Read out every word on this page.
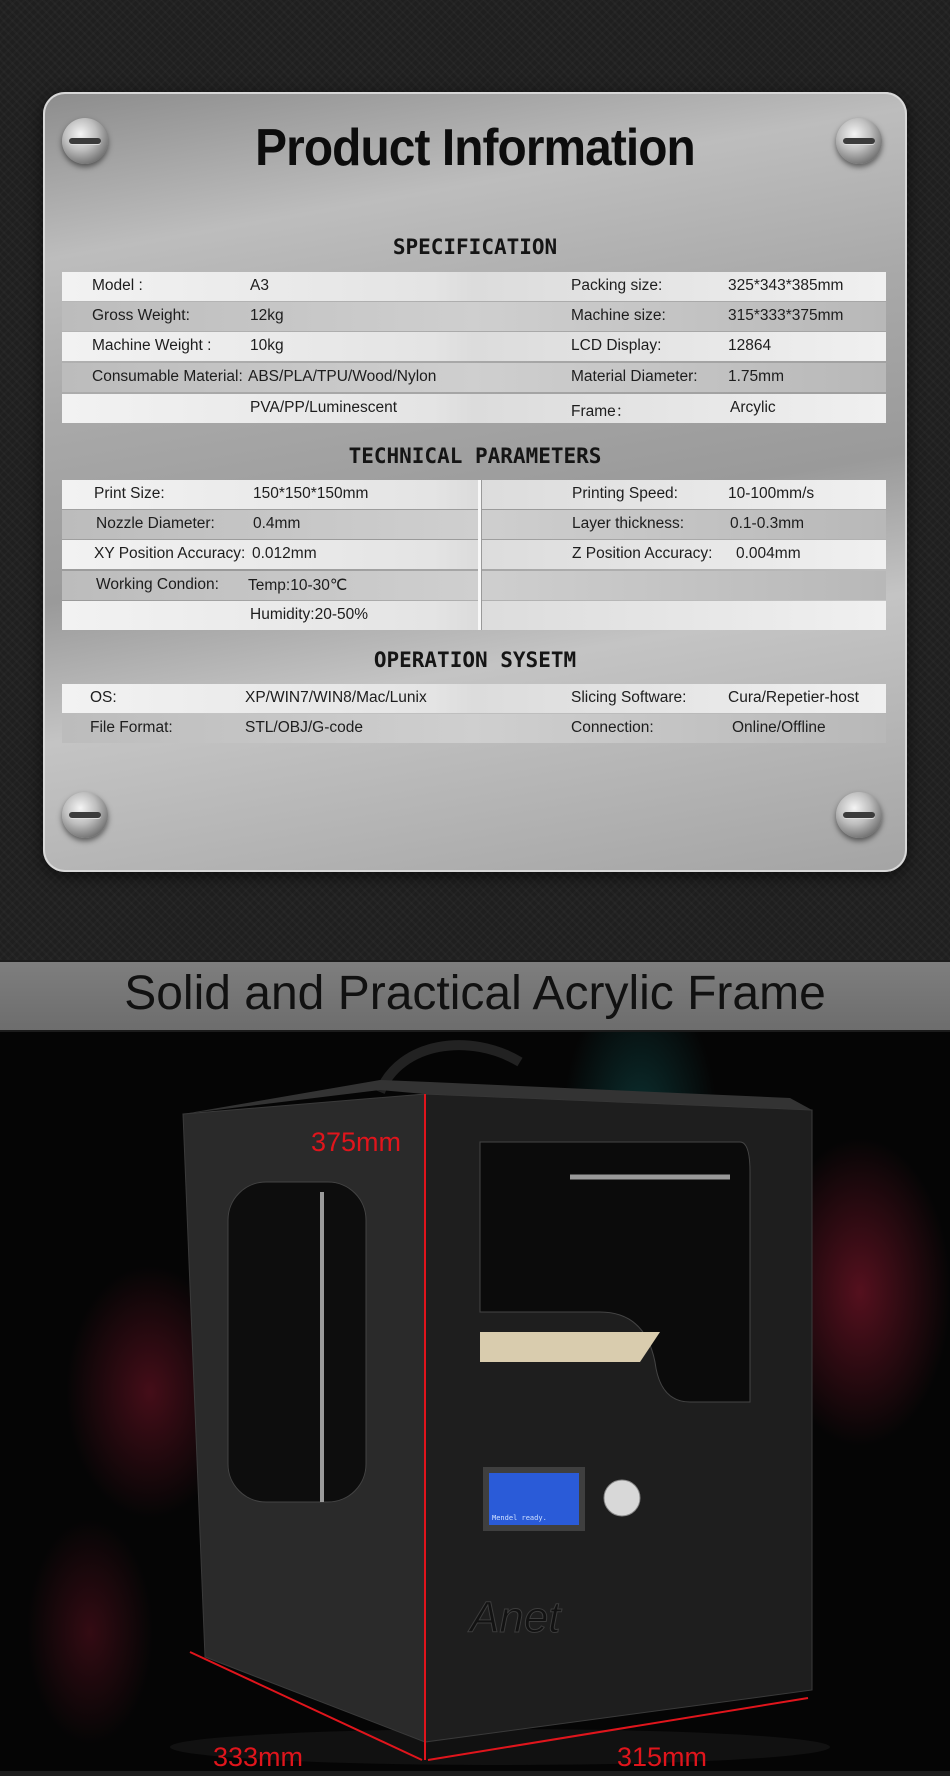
Product Information
SPECIFICATION
Model :	A3	Packing size:	325*343*385mm
Gross Weight:	12kg	Machine size:	315*333*375mm
Machine Weight : 10kg	LCD Display:	12864
Consumable Material: ABS/PLA/TPU/Wood/Nylon	Material Diameter: 1.75mm
PVA/PP/Luminescent	Frame：	Arcylic
TECHNICAL PARAMETERS
Print Size:	150*150*150mm	Printing Speed:	10-100mm/s
Nozzle Diameter: 0.4mm	Layer thickness:	0.1-0.3mm
XY Position Accuracy: 0.012mm	Z Position Accuracy: 0.004mm
Working Condion: Temp:10-30℃
Humidity:20-50%
OPERATION SYSETM
OS:	XP/WIN7/WIN8/Mac/Lunix	Slicing Software:	Cura/Repetier-host
File Format:	STL/OBJ/G-code	Connection:	Online/Offline
Solid and Practical Acrylic Frame
Mendel ready.
Anet
375mm
333mm	315mm
